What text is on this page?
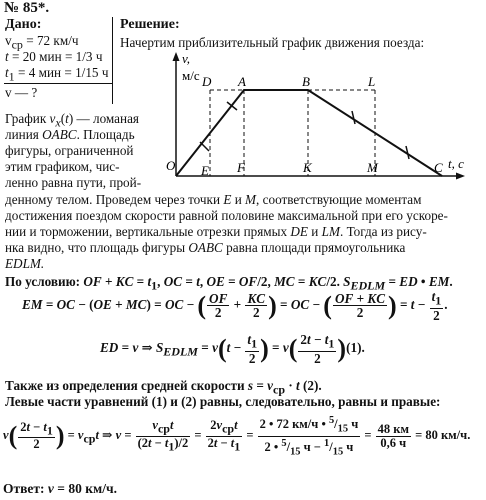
№ 85*.
Дано:
$v_{ср} = 72$ км/ч
t = 20 мин = 1/3 ч
$t_1 = 4$ мин = 1/15 ч
v — ?
Решение:
Начертим приблизительный график движения поезда:
График $v_x(t)$ — ломаная
линия OABC. Площадь
фигуры, ограниченной
этим графиком, чис-
ленно равна пути, прой-
v,
м/с
t, с
D A	B	L
O E F	K	M	C
денному телом. Проведем через точки E и M, соответствующие моментам
достижения поездом скорости равной половине максимальной при его ускоре-
нии и торможении, вертикальные отрезки прямых DE и LM. Тогда из рису-
нка видно, что площадь фигуры OABC равна площади прямоугольника
EDLM.
По условию: OF + KC = $t_1$, OC = t, OE = OF/2, MC = KC/2. $S_{EDLM}$ = ED • EM.
EM = OC − (OE + MC) = OC − ( $\frac{OF}{2} + \frac{KC}{2}$ ) = OC − ( $\frac{OF + KC}{2}$ ) = $t - \frac{t_1}{2}$ .
ED = v ⇒ $S_{EDLM} = v(t - \frac{t_1}{2}$ ) = $v( \frac{2t - t_1}{2} )(1)$.
Также из определения средней скорости $s = v_{ср} \cdot t$ (2).
Левые части уравнений (1) и (2) равны, следовательно, равны и правые:
$v( \frac{2t - t_1}{2}$ ) = $v_{ср}t$ ⇒ $v = \frac{v_{ср}t}{(2t - t_1)/2} = \frac{2v_{ср}t}{2t - t_1} = \frac{2 • 72 км/ч • ^5/_{15} ч}{2 • ^5/_{15} ч - ^1/_{15} ч} = \frac{48 км}{0,6 ч} = 80$ км/ч.
Ответ: v = 80 км/ч.
